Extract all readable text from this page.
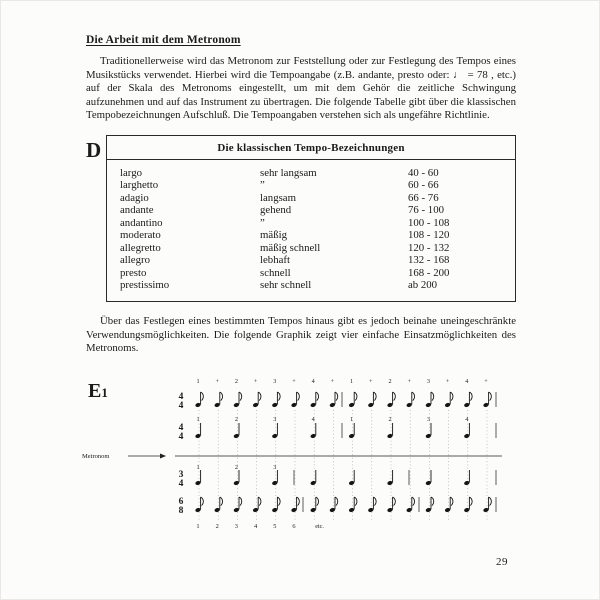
Die Arbeit mit dem Metronom

Traditionellerweise wird das Metronom zur Feststellung oder zur Festlegung des Tempos eines Musikstücks verwendet. Hierbei wird die Tempoangabe (z.B. andante, presto oder: ♩ = 78 , etc.) auf der Skala des Metronoms eingestellt, um mit dem Gehör die zeitliche Schwingung aufzunehmen und auf das Instrument zu übertragen. Die folgende Tabelle gibt über die klassischen Tempobezeichnungen Aufschluß. Die Tempoangaben verstehen sich als ungefähre Richtlinie.

D	Die klassischen Tempo-Bezeichnungen
largo	sehr langsam	40 - 60
larghetto	”	60 - 66
adagio	langsam	66 - 76
andante	gehend	76 - 100
andantino	”	100 - 108
moderato	mäßig	108 - 120
allegretto	mäßig schnell	120 - 132
allegro	lebhaft	132 - 168
presto	schnell	168 - 200
prestissimo	sehr schnell	ab 200

Über das Festlegen eines bestimmten Tempos hinaus gibt es jedoch beinahe uneingeschränkte Verwendungsmöglichkeiten. Die folgende Graphik zeigt vier einfache Einsatzmöglichkeiten des Metronoms.

E1
1	+	2	+	3	+	4	+	1	+	2	+	3	+	4	+
4
4
4
4
1	2	3	4	1	2	3	4
Metronom
3
4
1	2	3
6
8
1 2 3 4 5 6	etc.
29
